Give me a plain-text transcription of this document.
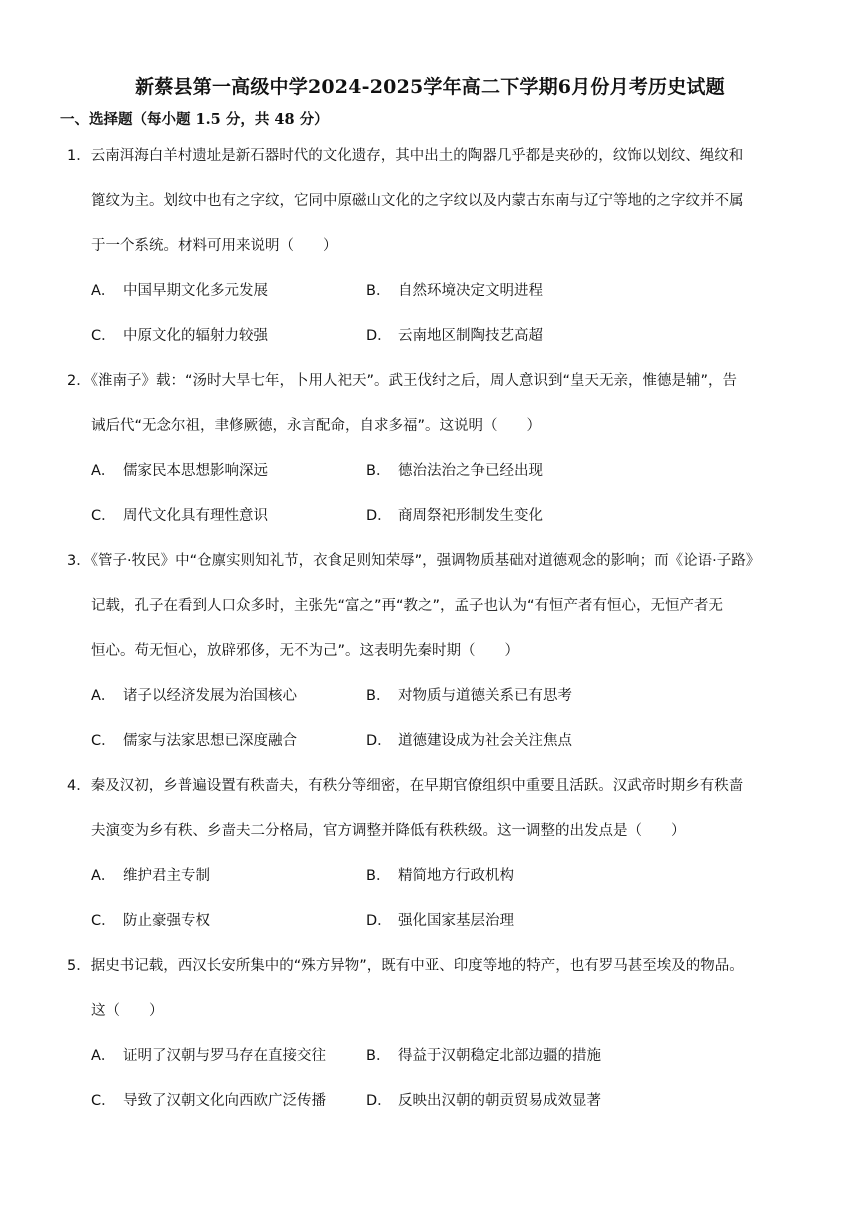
新蔡县第一高级中学2024-2025学年高二下学期6月份月考历史试题
一、选择题（每小题 1.5 分，共 48 分）
1．云南洱海白羊村遗址是新石器时代的文化遗存，其中出土的陶器几乎都是夹砂的，纹饰以划纹、绳纹和
篦纹为主。划纹中也有之字纹，它同中原磁山文化的之字纹以及内蒙古东南与辽宁等地的之字纹并不属
于一个系统。材料可用来说明（　　）
A． 中国早期文化多元发展	B． 自然环境决定文明进程
C． 中原文化的辐射力较强	D． 云南地区制陶技艺高超
2．《淮南子》载：“汤时大旱七年，卜用人祀天”。武王伐纣之后，周人意识到“皇天无亲，惟德是辅”，告
诫后代“无念尔祖，聿修厥德，永言配命，自求多福”。这说明（　　）
A． 儒家民本思想影响深远	B． 德治法治之争已经出现
C． 周代文化具有理性意识	D． 商周祭祀形制发生变化
3．《管子·牧民》中“仓廪实则知礼节，衣食足则知荣辱”，强调物质基础对道德观念的影响；而《论语·子路》
记载，孔子在看到人口众多时，主张先“富之”再“教之”，孟子也认为“有恒产者有恒心，无恒产者无
恒心。苟无恒心，放辟邪侈，无不为己”。这表明先秦时期（　　）
A． 诸子以经济发展为治国核心	B． 对物质与道德关系已有思考
C． 儒家与法家思想已深度融合	D． 道德建设成为社会关注焦点
4．秦及汉初，乡普遍设置有秩啬夫，有秩分等细密，在早期官僚组织中重要且活跃。汉武帝时期乡有秩啬
夫演变为乡有秩、乡啬夫二分格局，官方调整并降低有秩秩级。这一调整的出发点是（　　）
A． 维护君主专制	B． 精简地方行政机构
C． 防止豪强专权	D． 强化国家基层治理
5．据史书记载，西汉长安所集中的“殊方异物”，既有中亚、印度等地的特产，也有罗马甚至埃及的物品。
这（　　）
A． 证明了汉朝与罗马存在直接交往	B． 得益于汉朝稳定北部边疆的措施
C． 导致了汉朝文化向西欧广泛传播	D． 反映出汉朝的朝贡贸易成效显著
